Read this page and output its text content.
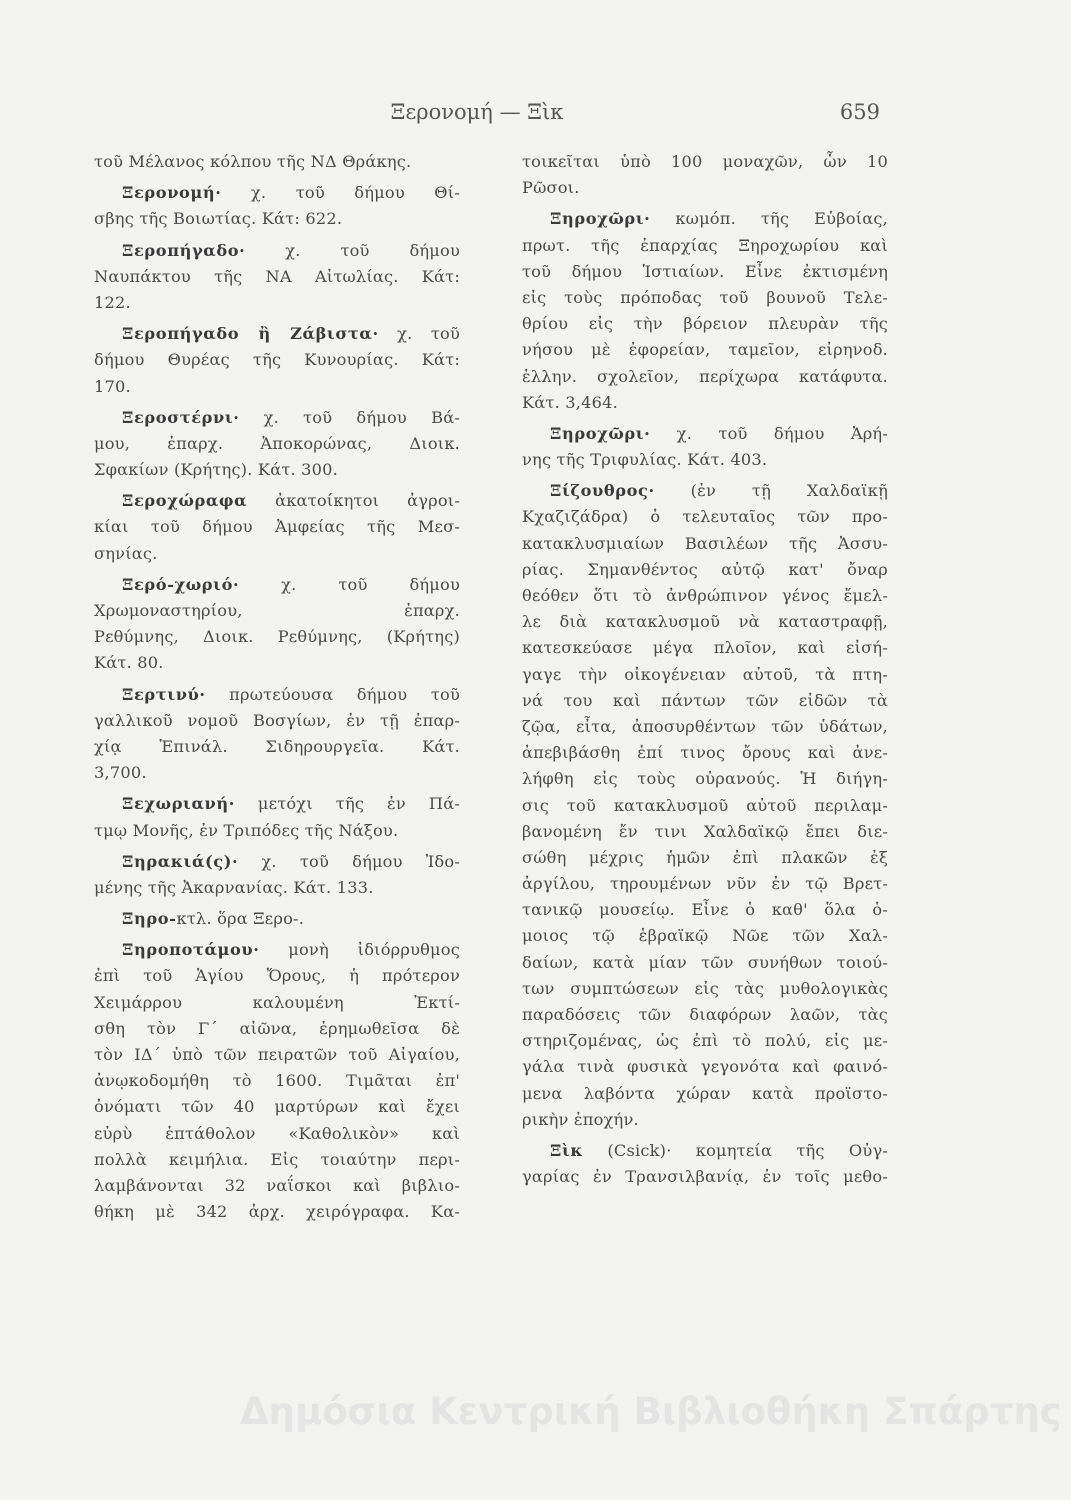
Ξερονομή — Ξὶκ	659
τοῦ Μέλανος κόλπου τῆς ΝΔ Θράκης.
Ξερονομή· χ. τοῦ δήμου Θί-
σβης τῆς Βοιωτίας. Κάτ: 622.
Ξεροπήγαδο· χ. τοῦ δήμου
Ναυπάκτου τῆς ΝΑ Αἰτωλίας. Κάτ:
122.
Ξεροπήγαδο ἢ Ζάβιστα· χ. τοῦ
δήμου Θυρέας τῆς Κυνουρίας. Κάτ:
170.
Ξεροστέρνι· χ. τοῦ δήμου Βά-
μου, ἐπαρχ. Ἀποκορώνας, Διοικ.
Σφακίων (Κρήτης). Κάτ. 300.
Ξεροχώραφα ἀκατοίκητοι ἀγροι-
κίαι τοῦ δήμου Ἀμφείας τῆς Μεσ-
σηνίας.
Ξερό-χωριό· χ. τοῦ δήμου
Χρωμοναστηρίου, ἐπαρχ.
Ρεθύμνης, Διοικ. Ρεθύμνης, (Κρήτης)
Κάτ. 80.
Ξερτινύ· πρωτεύουσα δήμου τοῦ
γαλλικοῦ νομοῦ Βοσγίων, ἐν τῇ ἐπαρ-
χίᾳ Ἐπινάλ. Σιδηρουργεῖα. Κάτ.
3,700.
Ξεχωριανή· μετόχι τῆς ἐν Πά-
τμῳ Μονῆς, ἐν Τριπόδες τῆς Νάξου.
Ξηρακιά(ς)· χ. τοῦ δήμου Ἰδο-
μένης τῆς Ἀκαρνανίας. Κάτ. 133.
Ξηρο-κτλ. ὅρα Ξερο-.
Ξηροποτάμου· μονὴ ἰδιόρρυθμος
ἐπὶ τοῦ Ἁγίου Ὄρους, ἡ πρότερον
Χειμάρρου καλουμένη Ἐκτί-
σθη τὸν Γ΄ αἰῶνα, ἐρημωθεῖσα δὲ
τὸν ΙΔ΄ ὑπὸ τῶν πειρατῶν τοῦ Αἰγαίου,
ἀνῳκοδομήθη τὸ 1600. Τιμᾶται ἐπ'
ὀνόματι τῶν 40 μαρτύρων καὶ ἔχει
εὐρὺ ἑπτάθολον «Καθολικὸν» καὶ
πολλὰ κειμήλια. Εἰς τοιαύτην περι-
λαμβάνονται 32 ναΐσκοι καὶ βιβλιο-
θήκη μὲ 342 ἀρχ. χειρόγραφα. Κα-
τοικεῖται ὑπὸ 100 μοναχῶν, ὧν 10
Ρῶσοι.
Ξηροχῶρι· κωμόπ. τῆς Εὐβοίας,
πρωτ. τῆς ἐπαρχίας Ξηροχωρίου καὶ
τοῦ δήμου Ἱστιαίων. Εἶνε ἐκτισμένη
εἰς τοὺς πρόποδας τοῦ βουνοῦ Τελε-
θρίου εἰς τὴν βόρειον πλευρὰν τῆς
νήσου μὲ ἐφορείαν, ταμεῖον, εἰρηνοδ.
ἑλλην. σχολεῖον, περίχωρα κατάφυτα.
Κάτ. 3,464.
Ξηροχῶρι· χ. τοῦ δήμου Ἀρή-
νης τῆς Τριφυλίας. Κάτ. 403.
Ξίζουθρος· (ἐν τῇ Χαλδαϊκῇ
Κχαζιζάδρα) ὁ τελευταῖος τῶν προ-
κατακλυσμιαίων Βασιλέων τῆς Ἀσσυ-
ρίας. Σημανθέντος αὐτῷ κατ' ὄναρ
θεόθεν ὅτι τὸ ἀνθρώπινον γένος ἔμελ-
λε διὰ κατακλυσμοῦ νὰ καταστραφῇ,
κατεσκεύασε μέγα πλοῖον, καὶ εἰσή-
γαγε τὴν οἰκογένειαν αὐτοῦ, τὰ πτη-
νά του καὶ πάντων τῶν εἰδῶν τὰ
ζῷα, εἶτα, ἀποσυρθέντων τῶν ὑδάτων,
ἀπεβιβάσθη ἐπί τινος ὄρους καὶ ἀνε-
λήφθη εἰς τοὺς οὐρανούς. Ἡ διήγη-
σις τοῦ κατακλυσμοῦ αὐτοῦ περιλαμ-
βανομένη ἔν τινι Χαλδαϊκῷ ἔπει διε-
σώθη μέχρις ἡμῶν ἐπὶ πλακῶν ἐξ
ἀργίλου, τηρουμένων νῦν ἐν τῷ Βρετ-
τανικῷ μουσείῳ. Εἶνε ὁ καθ' ὅλα ὁ-
μοιος τῷ ἑβραϊκῷ Νῶε τῶν Χαλ-
δαίων, κατὰ μίαν τῶν συνήθων τοιού-
των συμπτώσεων εἰς τὰς μυθολογικὰς
παραδόσεις τῶν διαφόρων λαῶν, τὰς
στηριζομένας, ὡς ἐπὶ τὸ πολύ, εἰς με-
γάλα τινὰ φυσικὰ γεγονότα καὶ φαινό-
μενα λαβόντα χώραν κατὰ προϊστο-
ρικὴν ἐποχήν.
Ξὶκ (Csick)· κομητεία τῆς Οὐγ-
γαρίας ἐν Τρανσιλβανίᾳ, ἐν τοῖς μεθο-
Δημόσια Κεντρική Βιβλιοθήκη Σπάρτης
